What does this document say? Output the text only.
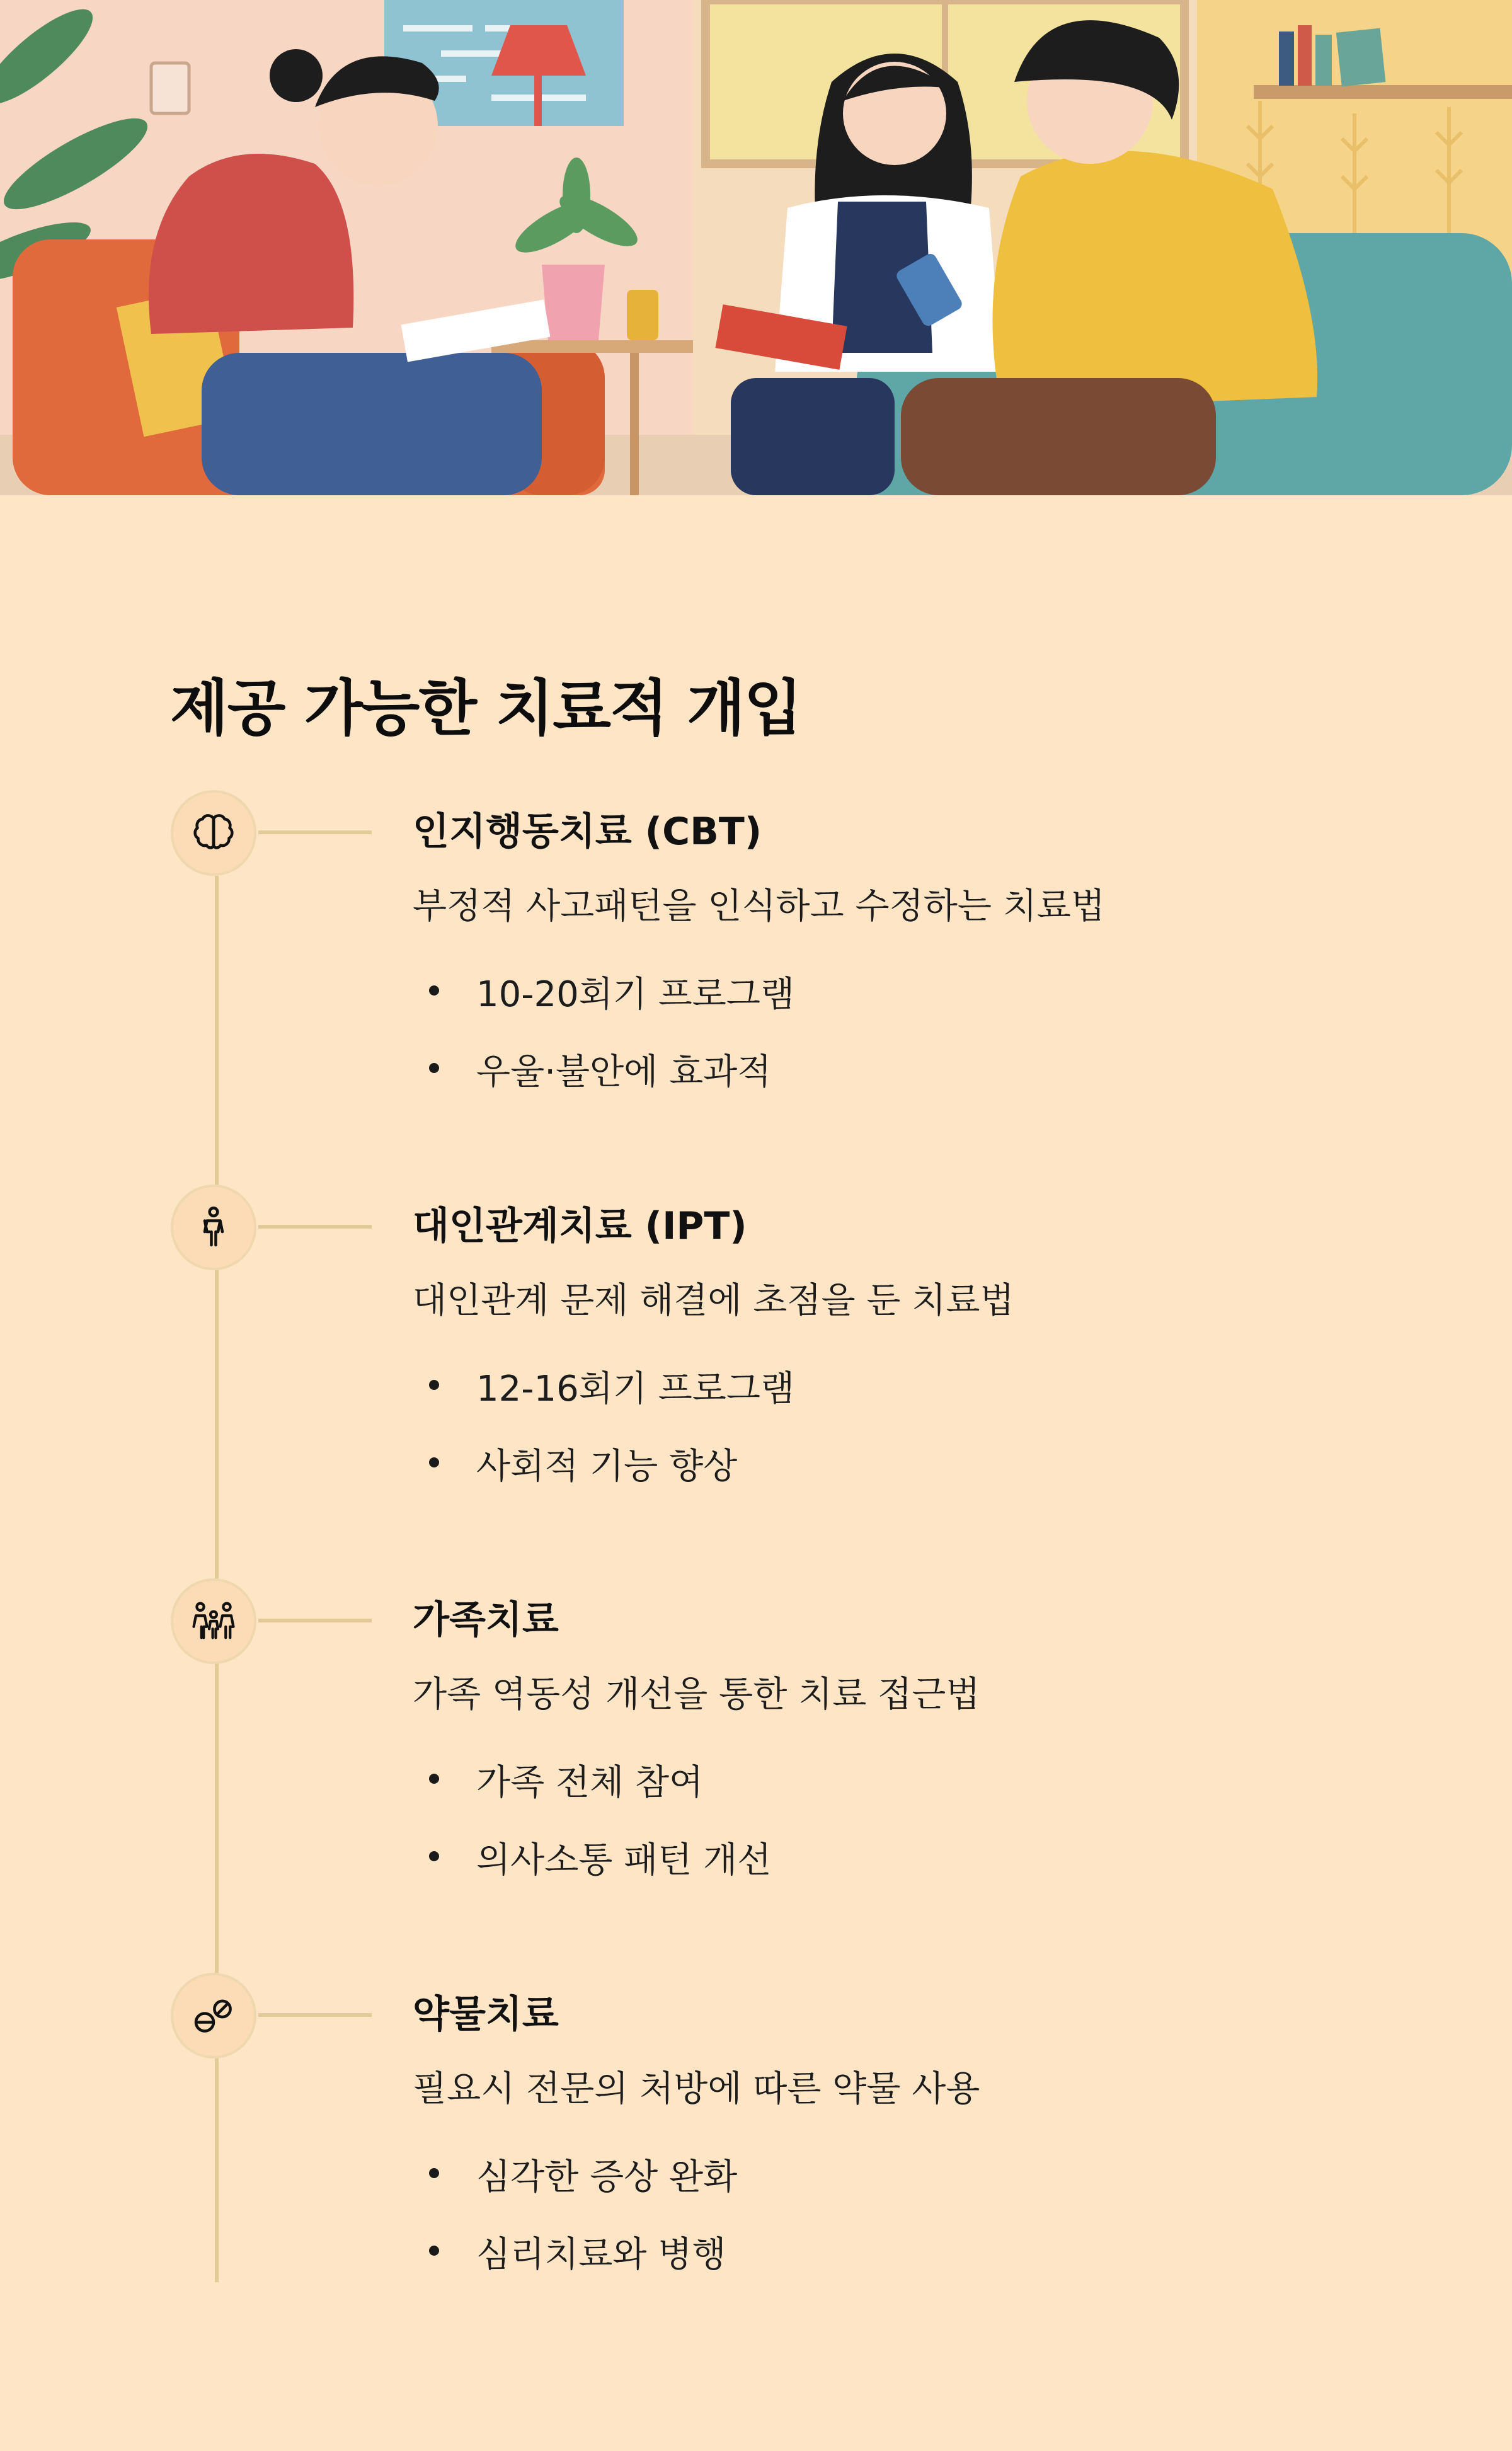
제공 가능한 치료적 개입
인지행동치료 (CBT)
부정적 사고패턴을 인식하고 수정하는 치료법
10-20회기 프로그램
우울·불안에 효과적
대인관계치료 (IPT)
대인관계 문제 해결에 초점을 둔 치료법
12-16회기 프로그램
사회적 기능 향상
가족치료
가족 역동성 개선을 통한 치료 접근법
가족 전체 참여
의사소통 패턴 개선
약물치료
필요시 전문의 처방에 따른 약물 사용
심각한 증상 완화
심리치료와 병행
